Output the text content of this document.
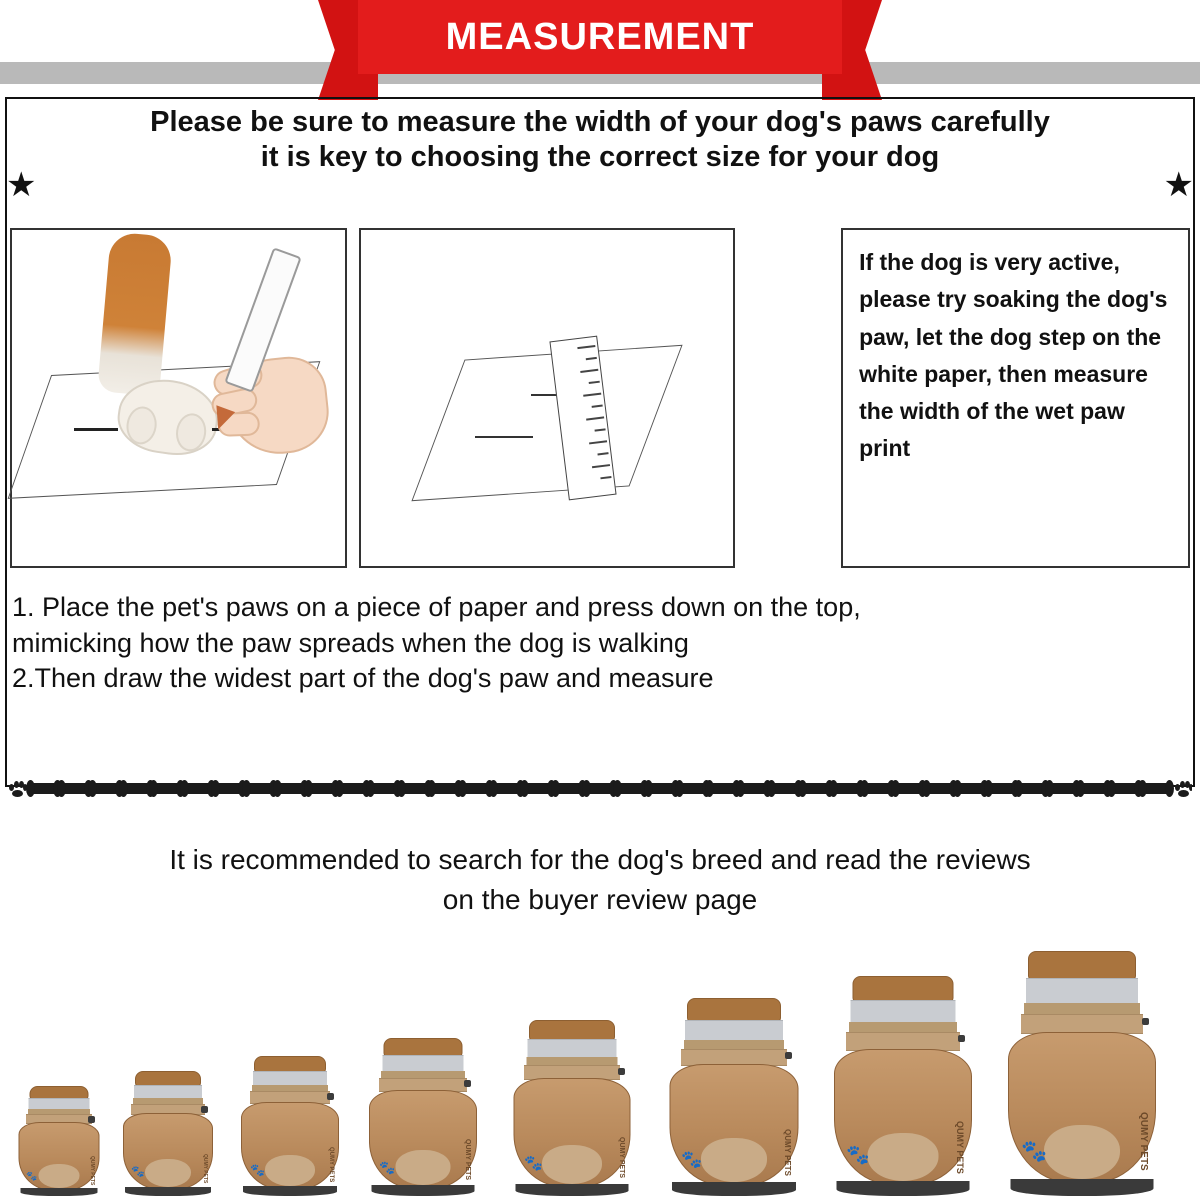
MEASUREMENT
★	★
Please be sure to measure the width of your dog's paws carefully
it is key to choosing the correct size for your dog

If the dog is very active, please try soaking the dog's paw, let the dog step on the white paper, then measure the width of the wet paw print

1. Place the pet's paws on a piece of paper and press down on the top,
mimicking how the paw spreads when the dog is walking
2.Then draw the widest part of the dog's paw and measure
It is recommended to search for the dog's breed and read the reviews
on the buyer review page
🐾	QUMY PETS	🐾	QUMY PETS	🐾	QUMY PETS	🐾	QUMY PETS	🐾	QUMY PETS	🐾	QUMY PETS	🐾	QUMY PETS	🐾	QUMY PETS
